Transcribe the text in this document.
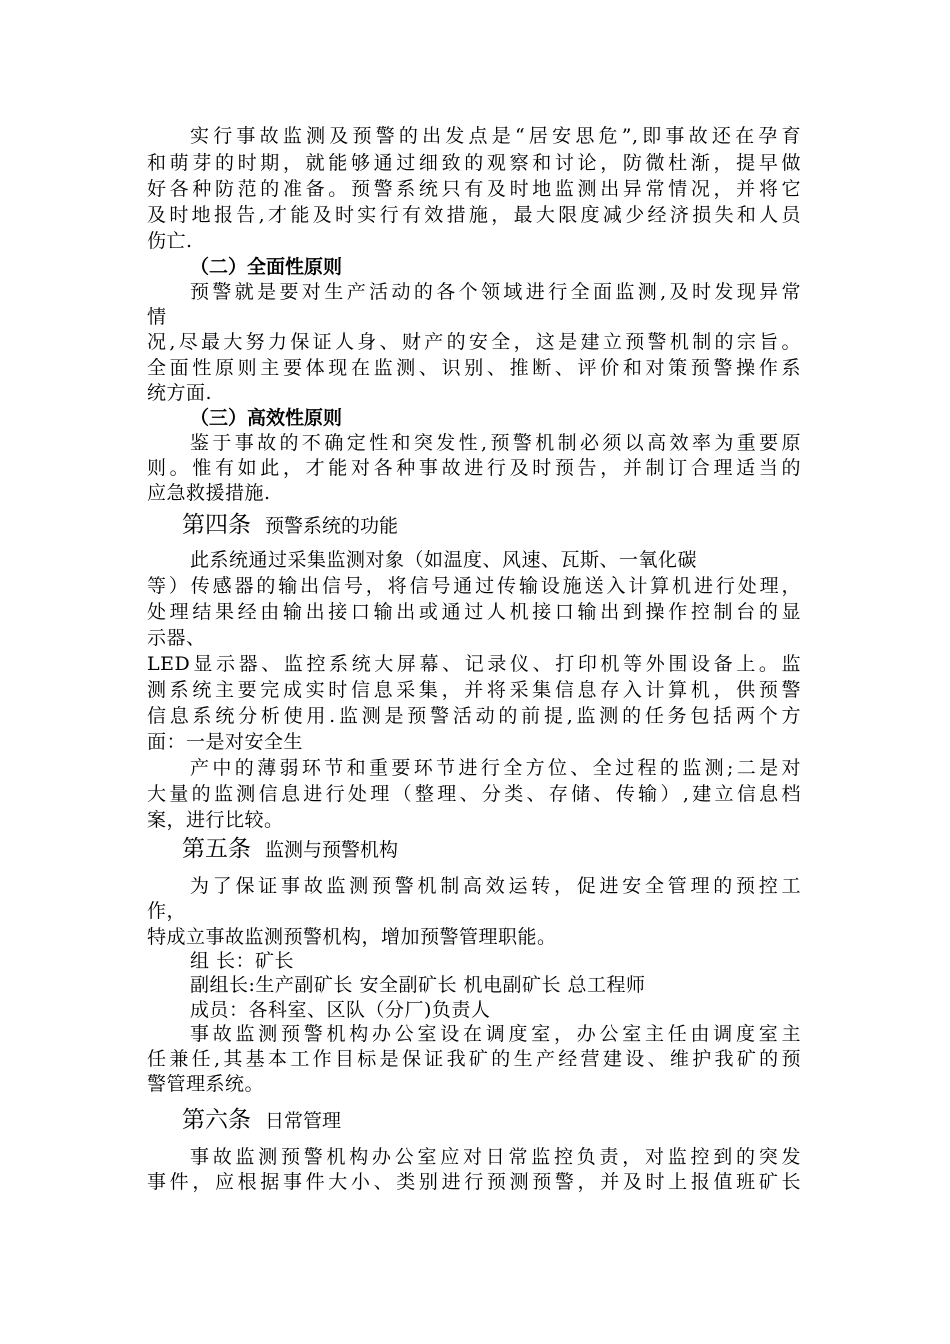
实行事故监测及预警的出发点是“居安思危”,即事故还在孕育
和萌芽的时期，就能够通过细致的观察和讨论，防微杜渐，提早做
好各种防范的准备。预警系统只有及时地监测出异常情况，并将它
及时地报告,才能及时实行有效措施，最大限度减少经济损失和人员
伤亡.
（二）全面性原则
预警就是要对生产活动的各个领域进行全面监测,及时发现异常
情
况,尽最大努力保证人身、财产的安全，这是建立预警机制的宗旨。
全面性原则主要体现在监测、识别、推断、评价和对策预警操作系
统方面.
（三）高效性原则
鉴于事故的不确定性和突发性,预警机制必须以高效率为重要原
则。惟有如此，才能对各种事故进行及时预告，并制订合理适当的
应急救援措施.
第四条 预警系统的功能
此系统通过采集监测对象（如温度、风速、瓦斯、一氧化碳
等）传感器的输出信号，将信号通过传输设施送入计算机进行处理，
处理结果经由输出接口输出或通过人机接口输出到操作控制台的显
示器、
LED显示器、监控系统大屏幕、记录仪、打印机等外围设备上。监
测系统主要完成实时信息采集，并将采集信息存入计算机，供预警
信息系统分析使用.监测是预警活动的前提,监测的任务包括两个方
面：一是对安全生
产中的薄弱环节和重要环节进行全方位、全过程的监测;二是对
大量的监测信息进行处理（整理、分类、存储、传输）,建立信息档
案，进行比较。
第五条 监测与预警机构
为了保证事故监测预警机制高效运转，促进安全管理的预控工
作，
特成立事故监测预警机构，增加预警管理职能。
组 长：矿长
副组长:生产副矿长 安全副矿长 机电副矿长 总工程师
成员：各科室、区队（分厂)负责人
事故监测预警机构办公室设在调度室，办公室主任由调度室主
任兼任,其基本工作目标是保证我矿的生产经营建设、维护我矿的预
警管理系统。
第六条 日常管理
事故监测预警机构办公室应对日常监控负责，对监控到的突发
事件，应根据事件大小、类别进行预测预警，并及时上报值班矿长
